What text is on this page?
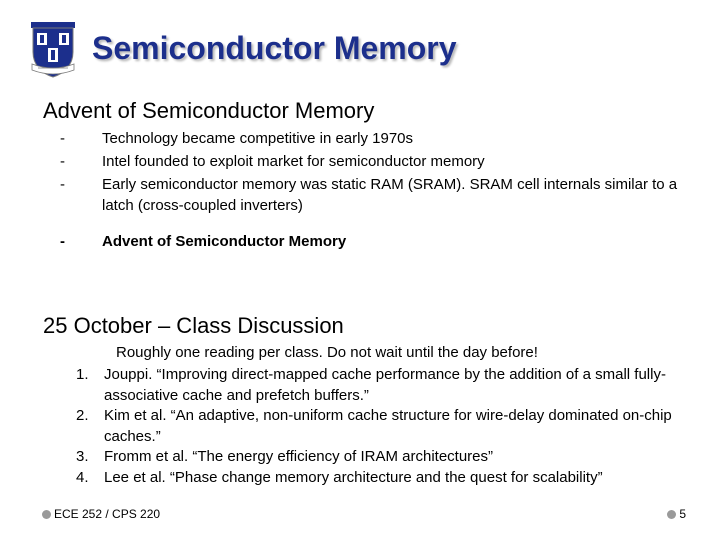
Semiconductor Memory
Advent of Semiconductor Memory
-	Technology became competitive in early 1970s
-	Intel founded to exploit market for semiconductor memory
-	Early semiconductor memory was static RAM (SRAM). SRAM cell internals similar to a latch (cross-coupled inverters)
-	Advent of Semiconductor Memory
25 October – Class Discussion
Roughly one reading per class. Do not wait until the day before!
1.	Jouppi. “Improving direct-mapped cache performance by the addition of a small fully-associative cache and prefetch buffers.”
2.	Kim et al. “An adaptive, non-uniform cache structure for wire-delay dominated on-chip caches.”
3.	Fromm et al. “The energy efficiency of IRAM architectures”
4.	Lee et al. “Phase change memory architecture and the quest for scalability”
ECE 252 / CPS 220	5
